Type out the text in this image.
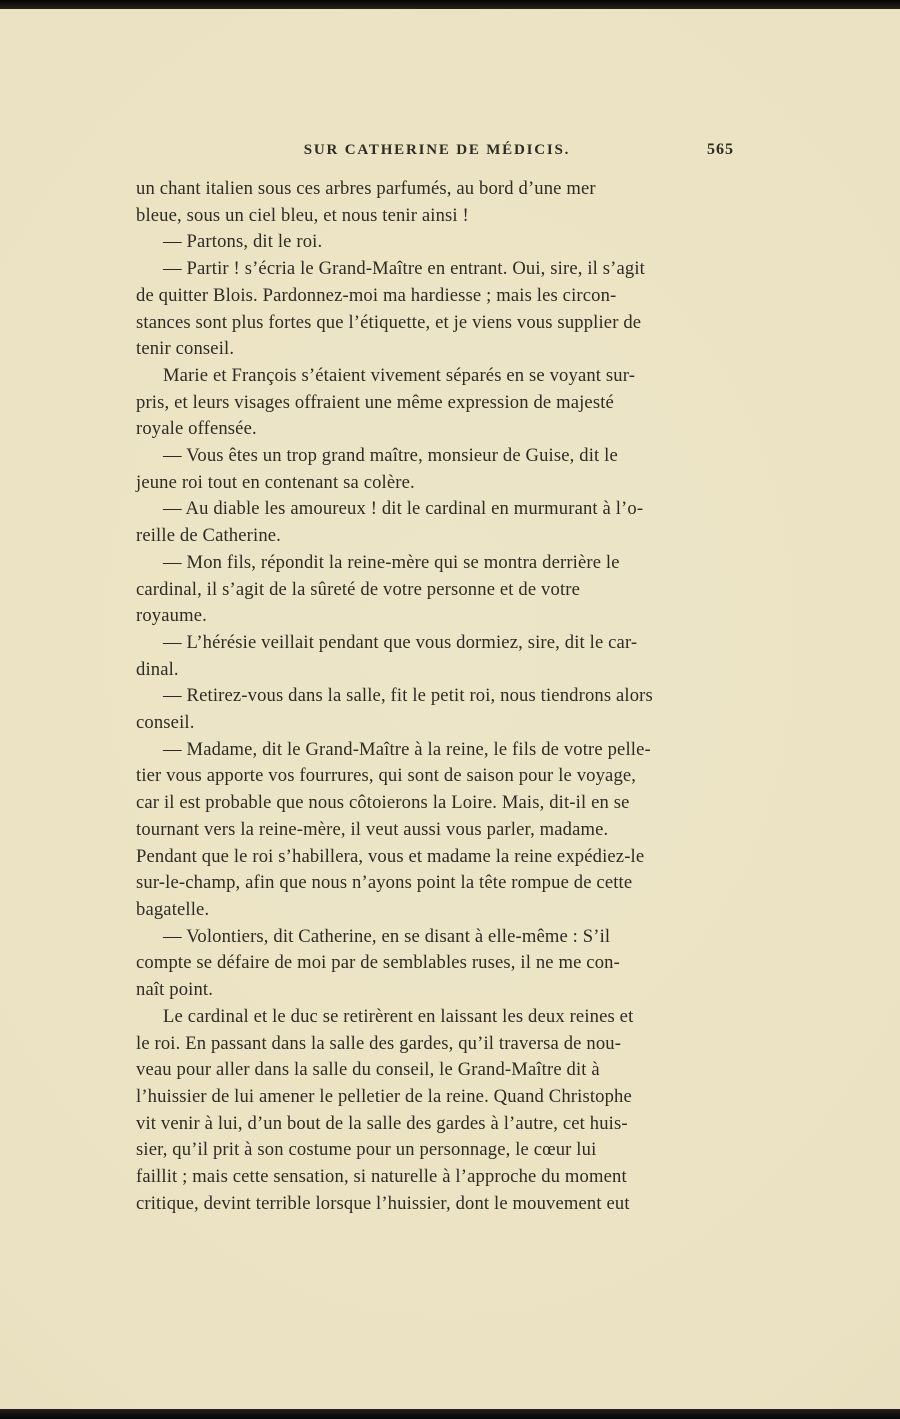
SUR CATHERINE DE MÉDICIS.	565

un chant italien sous ces arbres parfumés, au bord d’une mer
bleue, sous un ciel bleu, et nous tenir ainsi !

— Partons, dit le roi.

— Partir ! s’écria le Grand-Maître en entrant. Oui, sire, il s’agit
de quitter Blois. Pardonnez-moi ma hardiesse ; mais les circon-
stances sont plus fortes que l’étiquette, et je viens vous supplier de
tenir conseil.

Marie et François s’étaient vivement séparés en se voyant sur-
pris, et leurs visages offraient une même expression de majesté
royale offensée.

— Vous êtes un trop grand maître, monsieur de Guise, dit le
jeune roi tout en contenant sa colère.

— Au diable les amoureux ! dit le cardinal en murmurant à l’o-
reille de Catherine.

— Mon fils, répondit la reine-mère qui se montra derrière le
cardinal, il s’agit de la sûreté de votre personne et de votre
royaume.

— L’hérésie veillait pendant que vous dormiez, sire, dit le car-
dinal.

— Retirez-vous dans la salle, fit le petit roi, nous tiendrons alors
conseil.

— Madame, dit le Grand-Maître à la reine, le fils de votre pelle-
tier vous apporte vos fourrures, qui sont de saison pour le voyage,
car il est probable que nous côtoierons la Loire. Mais, dit-il en se
tournant vers la reine-mère, il veut aussi vous parler, madame.
Pendant que le roi s’habillera, vous et madame la reine expédiez-le
sur-le-champ, afin que nous n’ayons point la tête rompue de cette
bagatelle.

— Volontiers, dit Catherine, en se disant à elle-même : S’il
compte se défaire de moi par de semblables ruses, il ne me con-
naît point.

Le cardinal et le duc se retirèrent en laissant les deux reines et
le roi. En passant dans la salle des gardes, qu’il traversa de nou-
veau pour aller dans la salle du conseil, le Grand-Maître dit à
l’huissier de lui amener le pelletier de la reine. Quand Christophe
vit venir à lui, d’un bout de la salle des gardes à l’autre, cet huis-
sier, qu’il prit à son costume pour un personnage, le cœur lui
faillit ; mais cette sensation, si naturelle à l’approche du moment
critique, devint terrible lorsque l’huissier, dont le mouvement eut
